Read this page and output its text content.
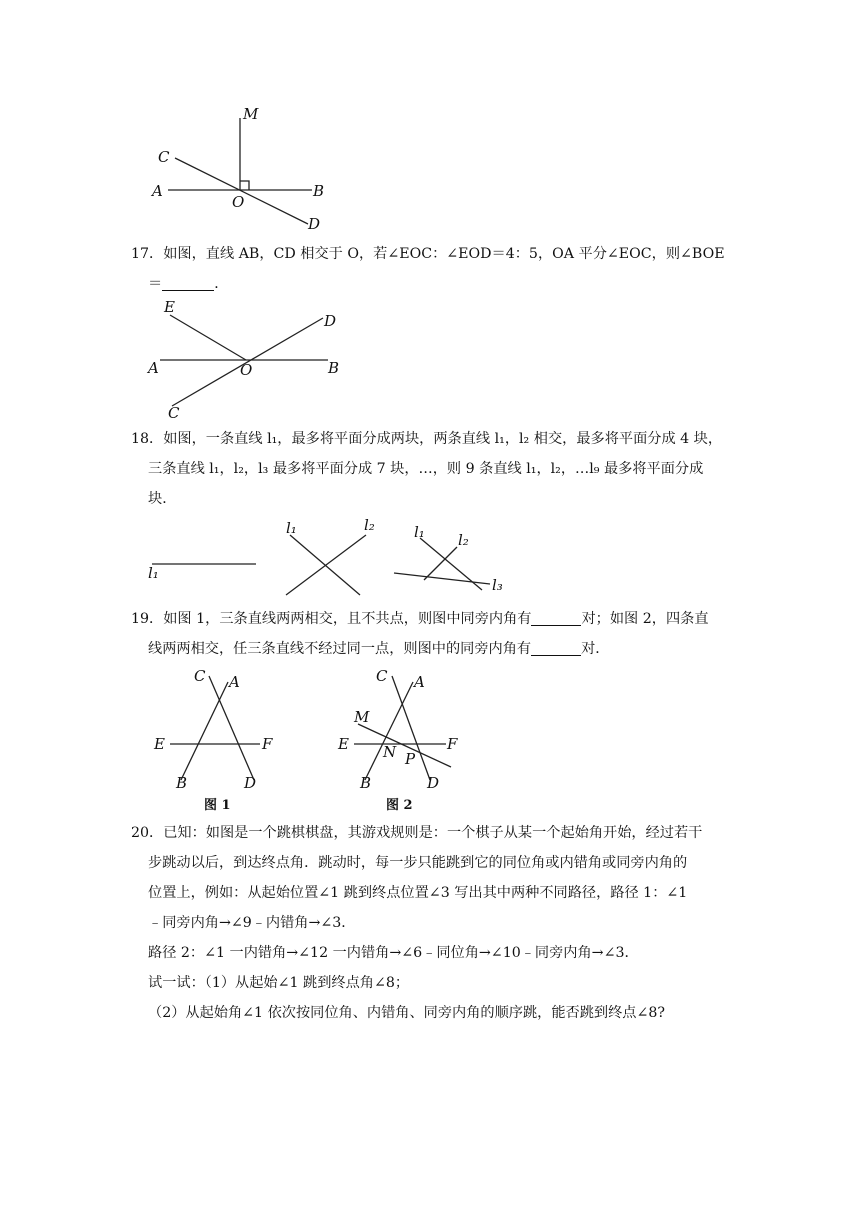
M
C
A
O
B
D
17．如图，直线 AB，CD 相交于 O，若∠EOC：∠EOD＝4：5，OA 平分∠EOC，则∠BOE
＝	．
E
D
A	O	B
C
18．如图，一条直线 l₁，最多将平面分成两块，两条直线 l₁，l₂ 相交，最多将平面分成 4 块，
三条直线 l₁，l₂，l₃ 最多将平面分成 7 块，…，则 9 条直线 l₁，l₂，…l₉ 最多将平面分成
块．
l₁
l₁	l₂	l₁ l₂
l₃
19．如图 1，三条直线两两相交，且不共点，则图中同旁内角有	对；如图 2，四条直
线两两相交，任三条直线不经过同一点，则图中的同旁内角有	对．
C A
E	F
B	D
图 1
C A
M
E	F
N P
B	D
图 2
20．已知：如图是一个跳棋棋盘，其游戏规则是：一个棋子从某一个起始角开始，经过若干
步跳动以后，到达终点角．跳动时，每一步只能跳到它的同位角或内错角或同旁内角的
位置上，例如：从起始位置∠1 跳到终点位置∠3 写出其中两种不同路径，路径 1：∠1
﹣同旁内角→∠9﹣内错角→∠3．
路径 2：∠1 一内错角→∠12 一内错角→∠6﹣同位角→∠10﹣同旁内角→∠3．
试一试：（1）从起始∠1 跳到终点角∠8；
（2）从起始角∠1 依次按同位角、内错角、同旁内角的顺序跳，能否跳到终点∠8?
